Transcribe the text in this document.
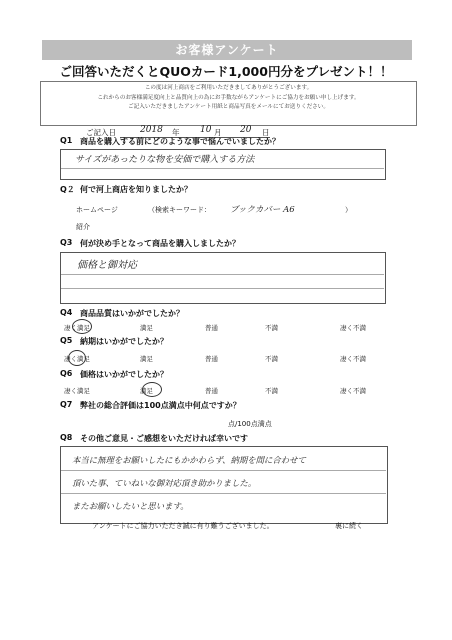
お客様アンケート
ご回答いただくとQUOカード1,000円分をプレゼント！！
この度は河上商店をご利用いただきましてありがとうございます。
これからのお客様満足度向上と品質向上の為にお手数ながらアンケートにご協力をお願い申し上げます。
ご記入いただきましたアンケート用紙と商品写真をメールにてお送りください。
ご記入日	2018 年 10 月 20 日
Q1 商品を購入する前にどのような事で悩んでいましたか？
サイズがあったりな物を安価で購入する方法
Q２ 何で河上商店を知りましたか？
ホームページ	（検索キーワード： ブックカバー A6	）
紹介
Q3 何が決め手となって商品を購入しましたか？
価格と御対応
Q4 商品品質はいかがでしたか？
凄く満足	満足	普通	不満	凄く不満
Q5 納期はいかがでしたか？
凄く満足	満足	普通	不満	凄く不満
Q6 価格はいかがでしたか？
凄く満足	満足	普通	不満	凄く不満
Q7 弊社の総合評価は100点満点中何点ですか？
点/100点満点
Q8 その他ご意見・ご感想をいただければ幸いです
本当に無理をお願いしたにもかかわらず、納期を間に合わせて
頂いた事、ていねいな御対応頂き助かりました。
またお願いしたいと思います。
アンケートにご協力いただき誠に有り難うございました。	裏に続く
